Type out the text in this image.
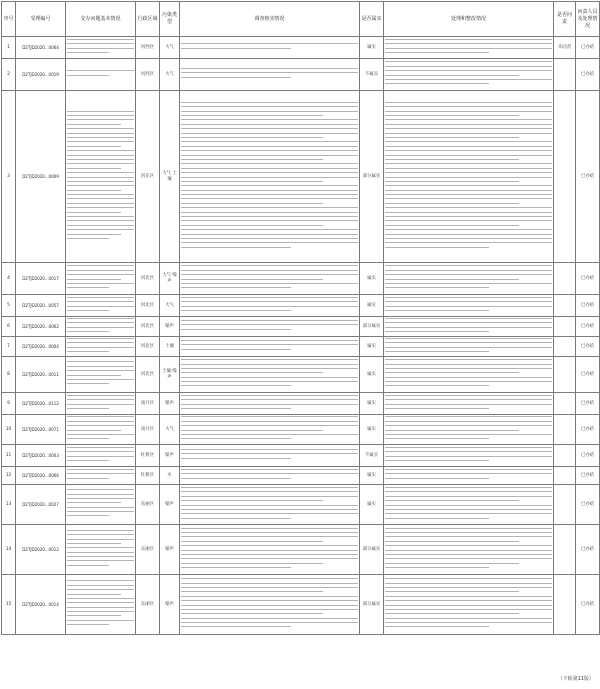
序号	受理编号	交办问题基本情况	行政区域	污染类型	调查核实情况	是否属实	处理和整改情况	是否问责	问责人员及处理情况
1	D2TJD2020...0064		河西区	大气		属实		未问责	已办结
2	D2TJD2020...0019		河西区	大气		不属实			已办结
3	D2TJD2020...0009		河东区	大气 土壤		部分属实			已办结
4	D2TJD2020...0017		河北区	大气 噪声		属实			已办结
5	D2TJD2020...0057		河北区	大气		属实			已办结
6	D2TJD2020...0062		河北区	噪声		部分属实			已办结
7	D2TJD2020...0004		河北区	土壤		属实			已办结
8	D2TJD2020...0011		河北区	土壤 噪声		属实			已办结
9	D2TJD2020...0112		南开区	噪声		属实			已办结
10	D2TJD2020...0071		南开区	大气		属实			已办结
11	D2TJD2020...0003		红桥区	噪声		不属实			已办结
12	D2TJD2020...0066		红桥区	水		属实			已办结
13	D2TJD2020...0027		东丽区	噪声		属实			已办结
14	D2TJD2020...0012		东丽区	噪声		部分属实			已办结
15	D2TJD2020...0014		东丽区	噪声		部分属实			已办结
（下转第11版）
